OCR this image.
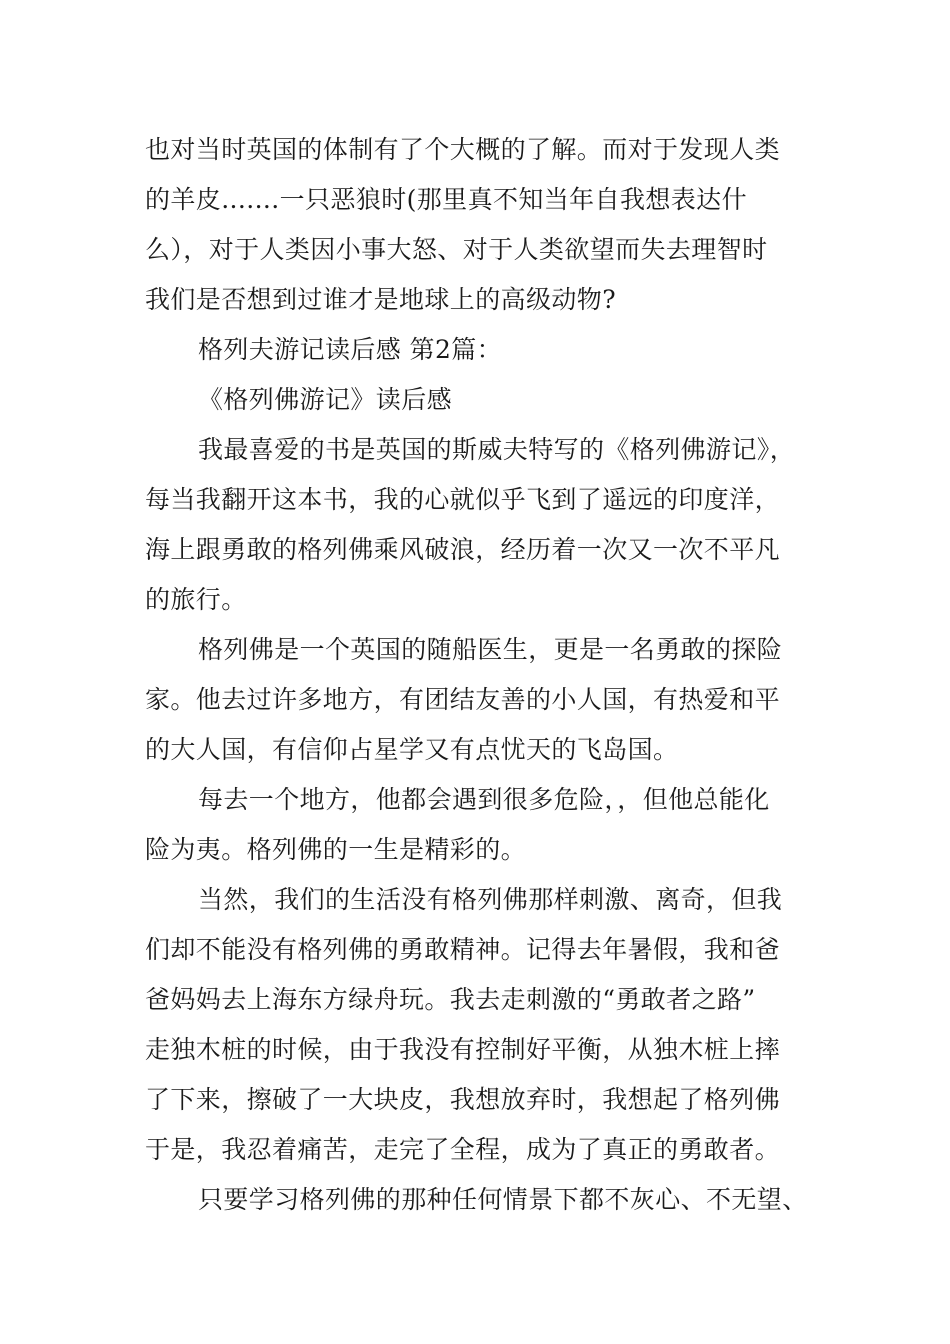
也对当时英国的体制有了个大概的了解。而对于发现人类
的羊皮.......一只恶狼时(那里真不知当年自我想表达什
么），对于人类因小事大怒、对于人类欲望而失去理智时
我们是否想到过谁才是地球上的高级动物?
格列夫游记读后感 第2篇：
《格列佛游记》读后感
我最喜爱的书是英国的斯威夫特写的《格列佛游记》，
每当我翻开这本书，我的心就似乎飞到了遥远的印度洋，
海上跟勇敢的格列佛乘风破浪，经历着一次又一次不平凡
的旅行。
格列佛是一个英国的随船医生，更是一名勇敢的探险
家。他去过许多地方，有团结友善的小人国，有热爱和平
的大人国，有信仰占星学又有点忧天的飞岛国。
每去一个地方，他都会遇到很多危险，，但他总能化
险为夷。格列佛的一生是精彩的。
当然，我们的生活没有格列佛那样刺激、离奇，但我
们却不能没有格列佛的勇敢精神。记得去年暑假，我和爸
爸妈妈去上海东方绿舟玩。我去走刺激的“勇敢者之路”
走独木桩的时候，由于我没有控制好平衡，从独木桩上摔
了下来，擦破了一大块皮，我想放弃时，我想起了格列佛
于是，我忍着痛苦，走完了全程，成为了真正的勇敢者。
只要学习格列佛的那种任何情景下都不灰心、不无望、
